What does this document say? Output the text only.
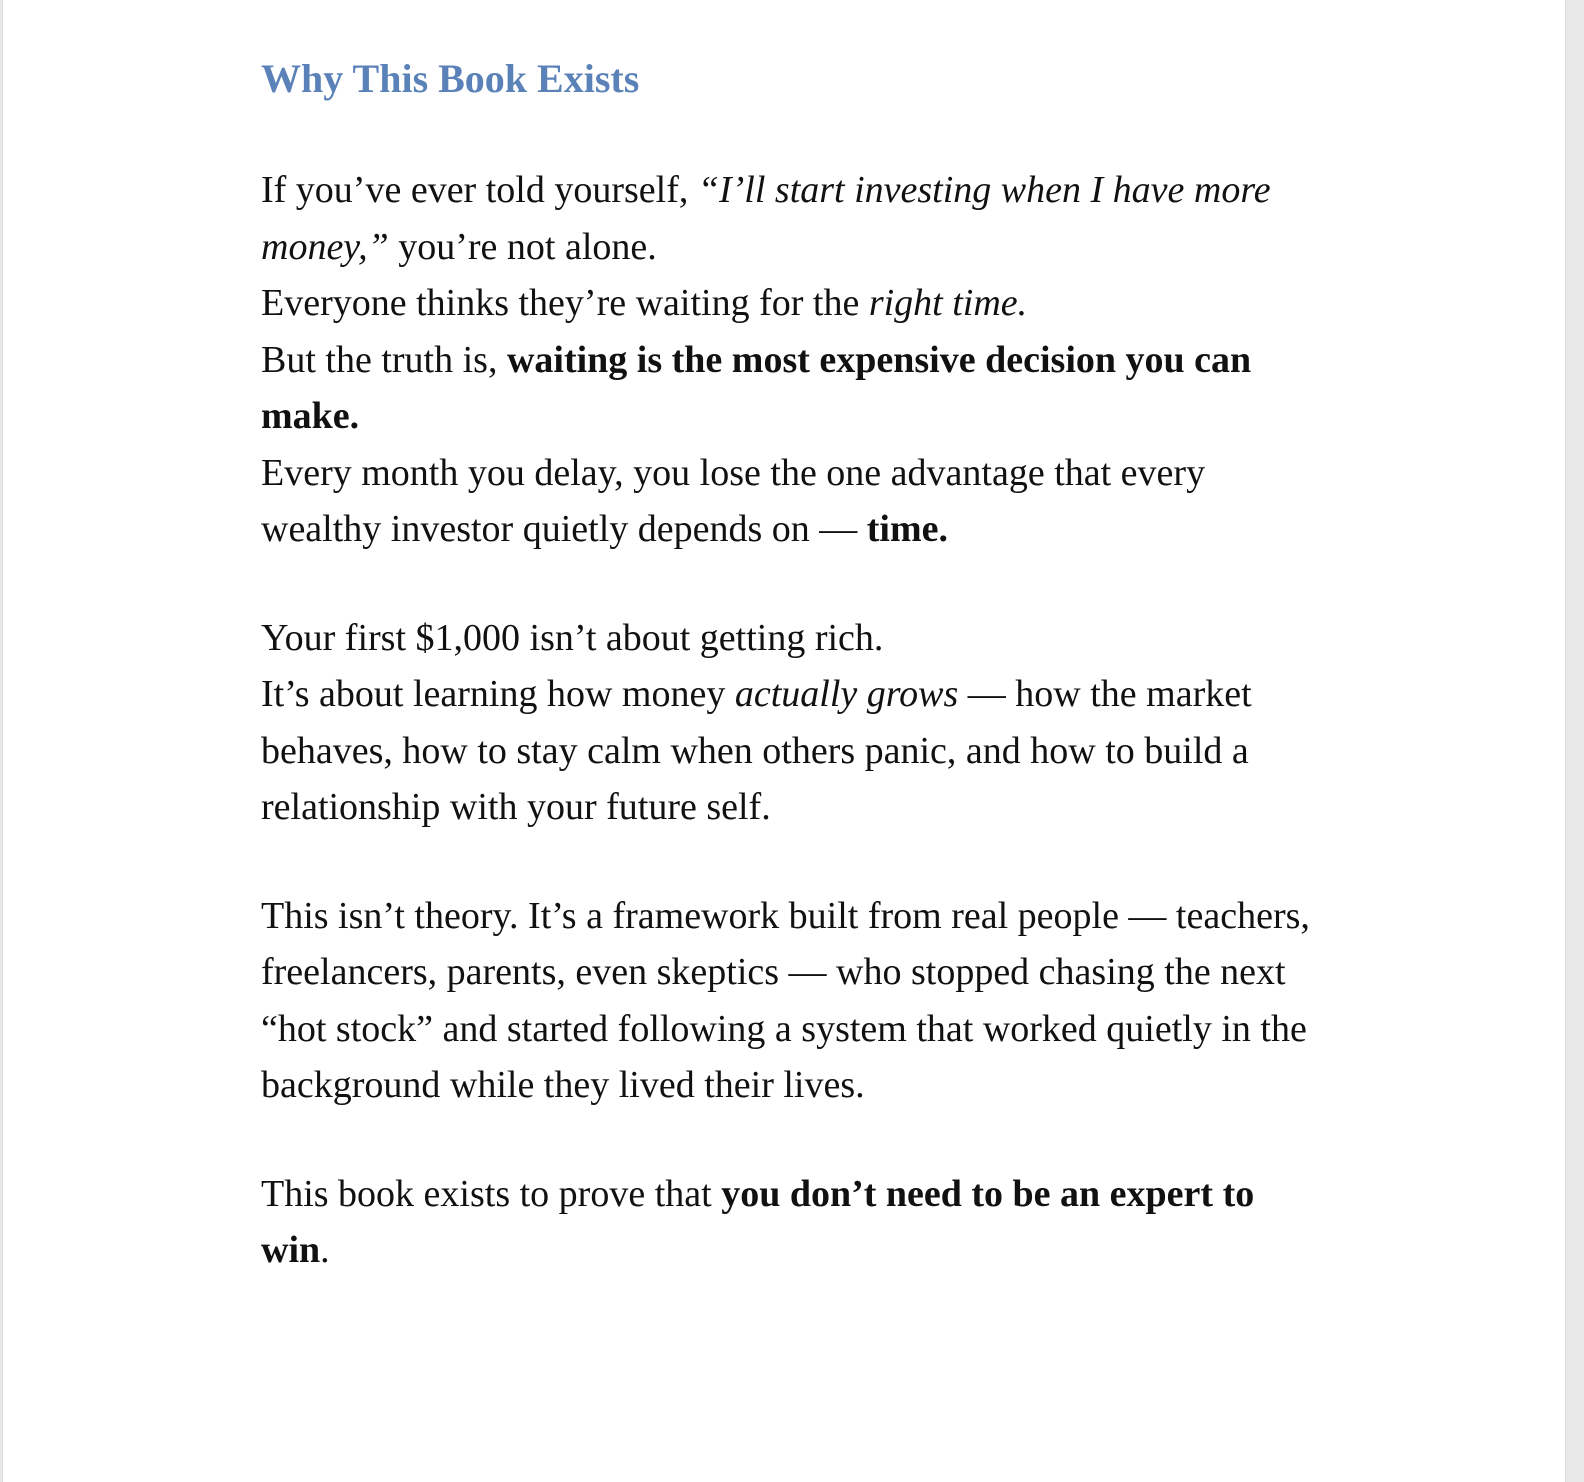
Why This Book Exists

If you’ve ever told yourself, “I’ll start investing when I have more money,” you’re not alone.
Everyone thinks they’re waiting for the right time.
But the truth is, waiting is the most expensive decision you can make.
Every month you delay, you lose the one advantage that every wealthy investor quietly depends on — time.

Your first $1,000 isn’t about getting rich.
It’s about learning how money actually grows — how the market behaves, how to stay calm when others panic, and how to build a relationship with your future self.

This isn’t theory. It’s a framework built from real people — teachers, freelancers, parents, even skeptics — who stopped chasing the next “hot stock” and started following a system that worked quietly in the background while they lived their lives.

This book exists to prove that you don’t need to be an expert to win.
